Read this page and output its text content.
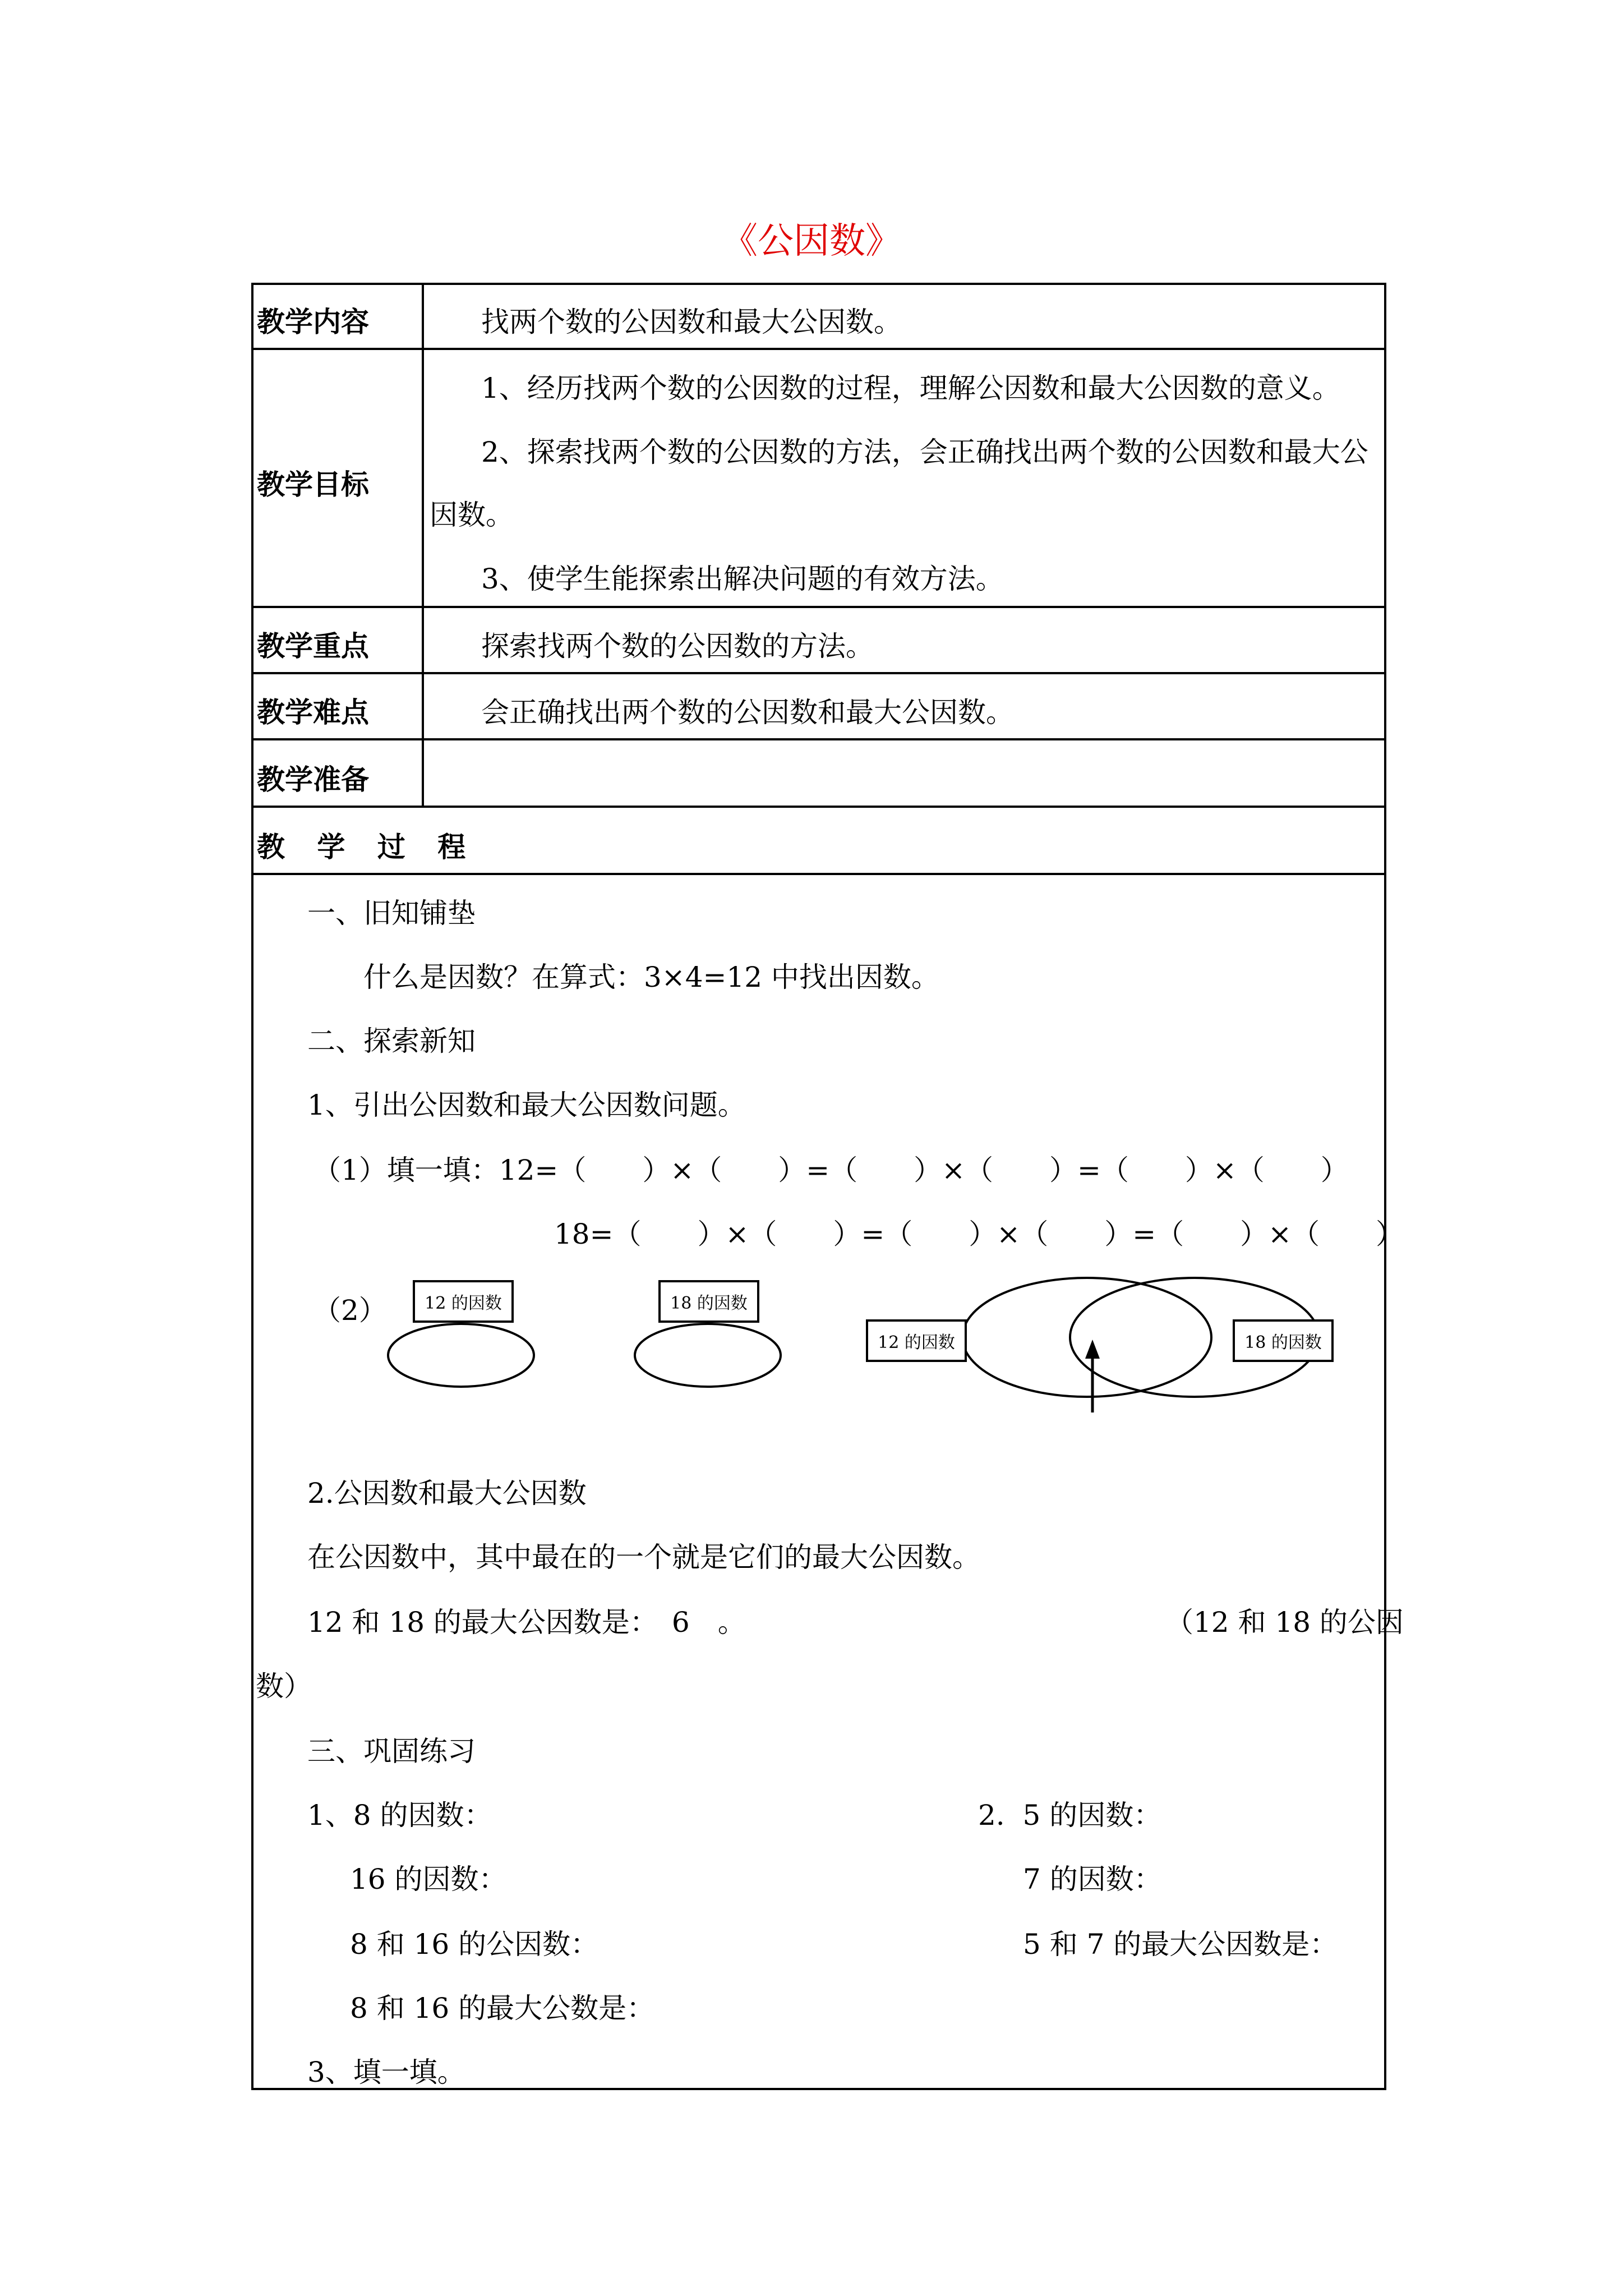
《公因数》
教学内容	找两个数的公因数和最大公因数。
教学目标
1、经历找两个数的公因数的过程，理解公因数和最大公因数的意义。
2、探索找两个数的公因数的方法，会正确找出两个数的公因数和最大公
因数。
3、使学生能探索出解决问题的有效方法。
教学重点	探索找两个数的公因数的方法。
教学难点	会正确找出两个数的公因数和最大公因数。
教学准备
教 学 过 程
一、旧知铺垫
什么是因数？在算式：3×4=12 中找出因数。
二、探索新知
1、引出公因数和最大公因数问题。
（1）填一填：12=（　　）×（　　）=（　　）×（　　）=（　　）×（　　）
18=（　　）×（　　）=（　　）×（　　）=（　　）×（　　）
（2）	12 的因数	18 的因数
12 的因数	18 的因数
2.公因数和最大公因数
在公因数中，其中最在的一个就是它们的最大公因数。
12 和 18 的最大公因数是：　6　。	（12 和 18 的公因
数）
三、巩固练习
1、8 的因数：
16 的因数：
8 和 16 的公因数：
8 和 16 的最大公数是：
2.  5 的因数：
7 的因数：
5 和 7 的最大公因数是：
3、填一填。
